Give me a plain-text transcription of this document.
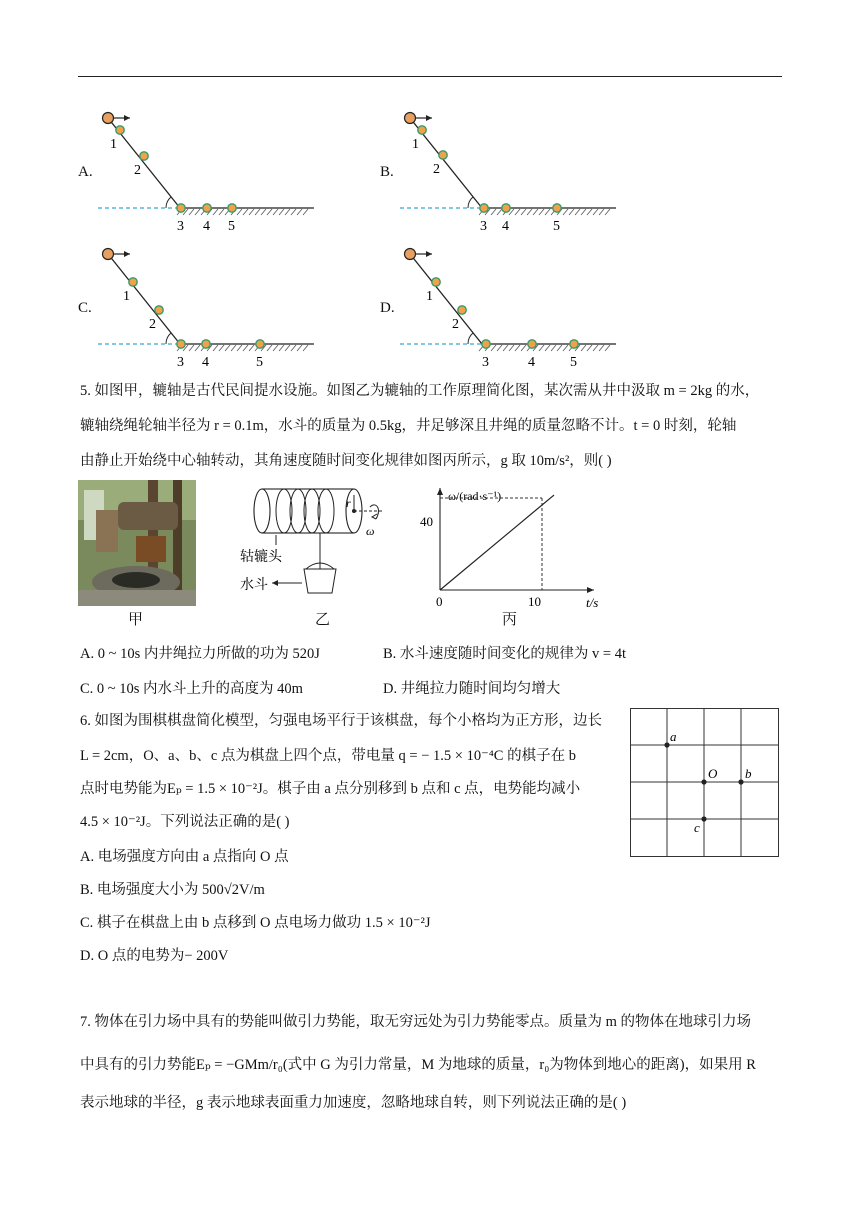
1
2
3 4 5
A.
1
2
3 4	5
B.
1
2
3 4	5
C.
1
2
3	4	5
D.
5. 如图甲，辘轴是古代民间提水设施。如图乙为辘轴的工作原理简化图，某次需从井中汲取 m = 2kg 的水，
辘轴绕绳轮轴半径为 r = 0.1m，水斗的质量为 0.5kg，井足够深且井绳的质量忽略不计。t = 0 时刻，轮轴
由静止开始绕中心轴转动，其角速度随时间变化规律如图丙所示，g 取 10m/s²，则( )
甲
r
ω
轱辘头
水斗
乙
ω/(rad·s⁻¹)
t/s
0
40
10
丙
A. 0 ~ 10s 内井绳拉力所做的功为 520J	B. 水斗速度随时间变化的规律为 v = 4t
C. 0 ~ 10s 内水斗上升的高度为 40m	D. 井绳拉力随时间均匀增大
6. 如图为围棋棋盘简化模型，匀强电场平行于该棋盘，每个小格均为正方形，边长
L = 2cm，O、a、b、c 点为棋盘上四个点，带电量 q = − 1.5 × 10⁻⁴C 的棋子在 b
点时电势能为Eₚ = 1.5 × 10⁻²J。棋子由 a 点分别移到 b 点和 c 点，电势能均减小
4.5 × 10⁻²J。下列说法正确的是( )
A. 电场强度方向由 a 点指向 O 点
B. 电场强度大小为 500√2V/m
C. 棋子在棋盘上由 b 点移到 O 点电场力做功 1.5 × 10⁻²J
D. O 点的电势为− 200V
a
O b
c
7. 物体在引力场中具有的势能叫做引力势能，取无穷远处为引力势能零点。质量为 m 的物体在地球引力场
中具有的引力势能Eₚ = −GMm/r₀(式中 G 为引力常量，M 为地球的质量，r₀为物体到地心的距离)，如果用 R
表示地球的半径，g 表示地球表面重力加速度，忽略地球自转，则下列说法正确的是( )
